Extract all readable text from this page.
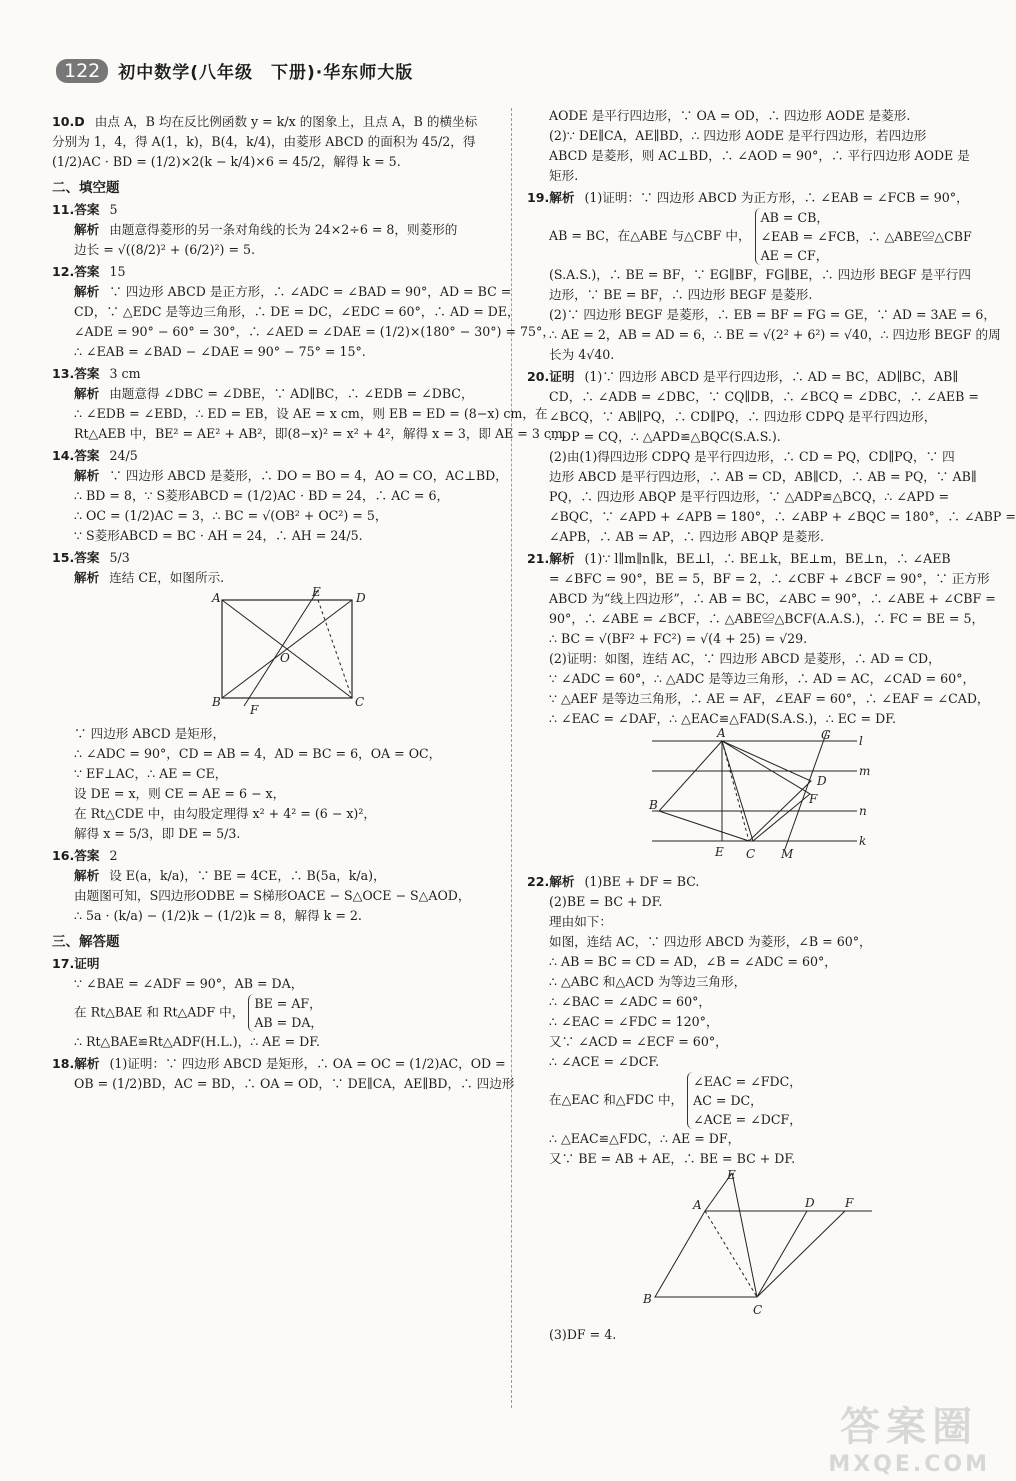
122	初中数学(八年级　下册)·华东师大版
10.D 由点 A，B 均在反比例函数 y = k/x 的图象上，且点 A，B 的横坐标
分别为 1，4，得 A(1，k)，B(4，k/4)，由菱形 ABCD 的面积为 45/2，得
(1/2)AC · BD = (1/2)×2(k − k/4)×6 = 45/2，解得 k = 5.
二、填空题
11.答案 5
解析 由题意得菱形的另一条对角线的长为 24×2÷6 = 8，则菱形的
边长 = √((8/2)² + (6/2)²) = 5.
12.答案 15
解析 ∵ 四边形 ABCD 是正方形，∴ ∠ADC = ∠BAD = 90°，AD = BC =
CD，∵ △EDC 是等边三角形，∴ DE = DC，∠EDC = 60°，∴ AD = DE，
∠ADE = 90° − 60° = 30°，∴ ∠AED = ∠DAE = (1/2)×(180° − 30°) = 75°，
∴ ∠EAB = ∠BAD − ∠DAE = 90° − 75° = 15°.
13.答案 3 cm
解析 由题意得 ∠DBC = ∠DBE，∵ AD∥BC，∴ ∠EDB = ∠DBC，
∴ ∠EDB = ∠EBD，∴ ED = EB，设 AE = x cm，则 EB = ED = (8−x) cm，在
Rt△AEB 中，BE² = AE² + AB²，即(8−x)² = x² + 4²，解得 x = 3，即 AE = 3 cm.
14.答案 24/5
解析 ∵ 四边形 ABCD 是菱形，∴ DO = BO = 4，AO = CO，AC⊥BD，
∴ BD = 8，∵ S菱形ABCD = (1/2)AC · BD = 24，∴ AC = 6，
∴ OC = (1/2)AC = 3，∴ BC = √(OB² + OC²) = 5，
∵ S菱形ABCD = BC · AH = 24，∴ AH = 24/5.
15.答案 5/3
解析 连结 CE，如图所示.
A	E	D
O
B
F
C
∵ 四边形 ABCD 是矩形，
∴ ∠ADC = 90°，CD = AB = 4，AD = BC = 6，OA = OC，
∵ EF⊥AC，∴ AE = CE，
设 DE = x，则 CE = AE = 6 − x，
在 Rt△CDE 中，由勾股定理得 x² + 4² = (6 − x)²，
解得 x = 5/3，即 DE = 5/3.
16.答案 2
解析 设 E(a，k/a)，∵ BE = 4CE，∴ B(5a，k/a)，
由题图可知，S四边形ODBE = S梯形OACE − S△OCE − S△AOD，
∴ 5a · (k/a) − (1/2)k − (1/2)k = 8，解得 k = 2.
三、解答题
17.证明
∵ ∠BAE = ∠ADF = 90°，AB = DA，
在 Rt△BAE 和 Rt△ADF 中，BE = AF，
AB = DA，
∴ Rt△BAE≌Rt△ADF(H.L.)，∴ AE = DF.
18.解析 (1)证明：∵ 四边形 ABCD 是矩形，∴ OA = OC = (1/2)AC，OD =
OB = (1/2)BD，AC = BD，∴ OA = OD，∵ DE∥CA，AE∥BD，∴ 四边形
AODE 是平行四边形，∵ OA = OD，∴ 四边形 AODE 是菱形.
(2)∵ DE∥CA，AE∥BD，∴ 四边形 AODE 是平行四边形，若四边形
ABCD 是菱形，则 AC⊥BD，∴ ∠AOD = 90°，∴ 平行四边形 AODE 是
矩形.
19.解析 (1)证明：∵ 四边形 ABCD 为正方形，∴ ∠EAB = ∠FCB = 90°，
AB = BC，在△ABE 与△CBF 中，AB = CB，
∠EAB = ∠FCB，∴ △ABE≌△CBF
AE = CF，
(S.A.S.)，∴ BE = BF，∵ EG∥BF，FG∥BE，∴ 四边形 BEGF 是平行四
边形，∵ BE = BF，∴ 四边形 BEGF 是菱形.
(2)∵ 四边形 BEGF 是菱形，∴ EB = BF = FG = GE，∵ AD = 3AE = 6，
∴ AE = 2，AB = AD = 6，∴ BE = √(2² + 6²) = √40，∴ 四边形 BEGF 的周
长为 4√40.
20.证明 (1)∵ 四边形 ABCD 是平行四边形，∴ AD = BC，AD∥BC，AB∥
CD，∴ ∠ADB = ∠DBC，∵ CQ∥DB，∴ ∠BCQ = ∠DBC，∴ ∠AEB =
∠BCQ，∵ AB∥PQ，∴ CD∥PQ，∴ 四边形 CDPQ 是平行四边形，
∴ DP = CQ，∴ △APD≌△BQC(S.A.S.).
(2)由(1)得四边形 CDPQ 是平行四边形，∴ CD = PQ，CD∥PQ，∵ 四
边形 ABCD 是平行四边形，∴ AB = CD，AB∥CD，∴ AB = PQ，∵ AB∥
PQ，∴ 四边形 ABQP 是平行四边形，∵ △ADP≌△BCQ，∴ ∠APD =
∠BQC，∵ ∠APD + ∠APB = 180°，∴ ∠ABP + ∠BQC = 180°，∴ ∠ABP =
∠APB，∴ AB = AP，∴ 四边形 ABQP 是菱形.
21.解析 (1)∵ l∥m∥n∥k，BE⊥l，∴ BE⊥k，BE⊥m，BE⊥n，∴ ∠AEB
= ∠BFC = 90°，BE = 5，BF = 2，∴ ∠CBF + ∠BCF = 90°，∵ 正方形
ABCD 为“线上四边形”，∴ AB = BC，∠ABC = 90°，∴ ∠ABE + ∠CBF =
90°，∴ ∠ABE = ∠BCF，∴ △ABE≌△BCF(A.A.S.)，∴ FC = BE = 5，
∴ BC = √(BF² + FC²) = √(4 + 25) = √29.
(2)证明：如图，连结 AC，∵ 四边形 ABCD 是菱形，∴ AD = CD，
∵ ∠ADC = 60°，∴ △ADC 是等边三角形，∴ AD = AC，∠CAD = 60°，
∵ △AEF 是等边三角形，∴ AE = AF，∠EAF = 60°，∴ ∠EAF = ∠CAD，
∴ ∠EAC = ∠DAF，∴ △EAC≌△FAD(S.A.S.)，∴ EC = DF.
A	G l
m
D
F
B	n
E C M
k
22.解析 (1)BE + DF = BC.
(2)BE = BC + DF.
理由如下：
如图，连结 AC，∵ 四边形 ABCD 为菱形，∠B = 60°，
∴ AB = BC = CD = AD，∠B = ∠ADC = 60°，
∴ △ABC 和△ACD 为等边三角形，
∴ ∠BAC = ∠ADC = 60°，
∴ ∠EAC = ∠FDC = 120°，
又∵ ∠ACD = ∠ECF = 60°，
∴ ∠ACE = ∠DCF.
在△EAC 和△FDC 中，∠EAC = ∠FDC，
AC = DC，
∠ACE = ∠DCF，
∴ △EAC≌△FDC，∴ AE = DF，
又∵ BE = AB + AE，∴ BE = BC + DF.
E
A	D	F
B
C
(3)DF = 4.
答案圈
MXQE.COM
